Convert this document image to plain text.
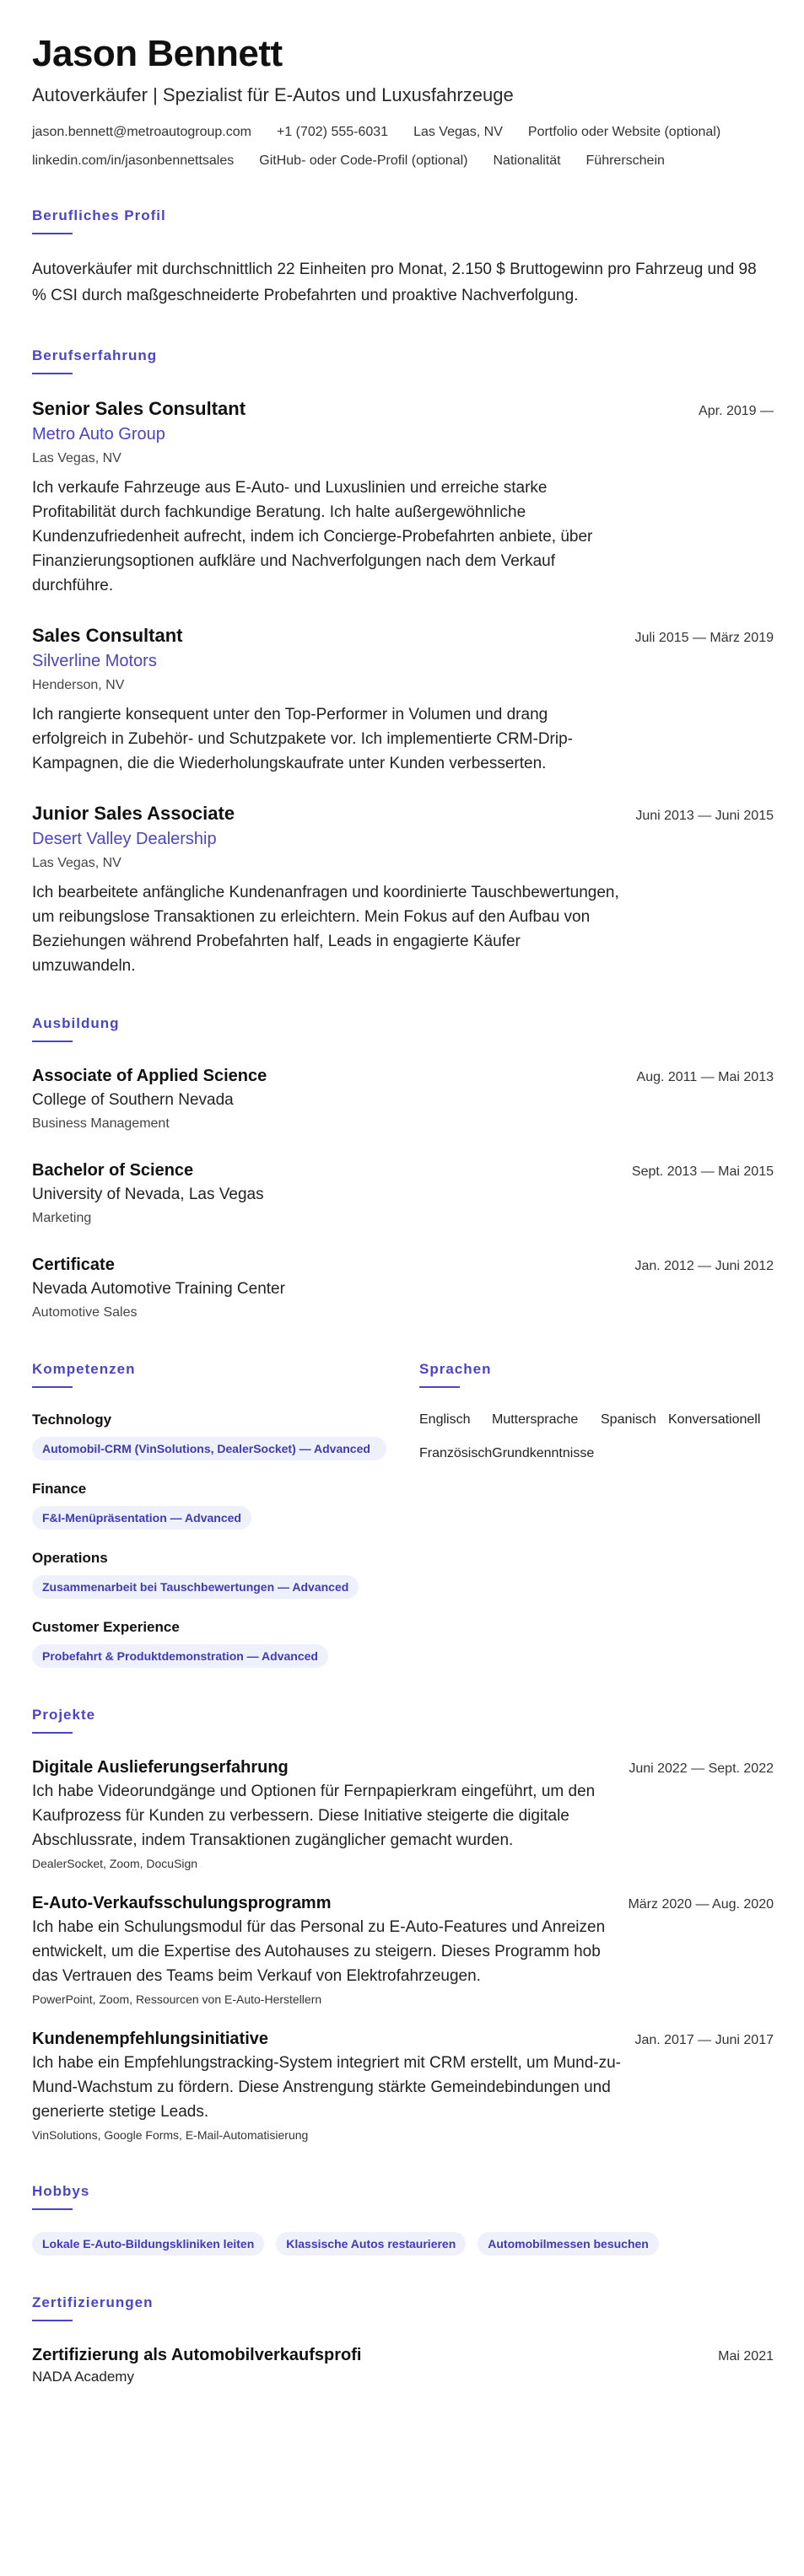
Jason Bennett
Autoverkäufer | Spezialist für E-Autos und Luxusfahrzeuge
jason.bennett@metroautogroup.com +1 (702) 555-6031 Las Vegas, NV Portfolio oder Website (optional)
linkedin.com/in/jasonbennettsales GitHub- oder Code-Profil (optional) Nationalität Führerschein
Berufliches Profil
Autoverkäufer mit durchschnittlich 22 Einheiten pro Monat, 2.150 $ Bruttogewinn pro Fahrzeug und 98 % CSI durch maßgeschneiderte Probefahrten und proaktive Nachverfolgung.
Berufserfahrung
Senior Sales Consultant	Apr. 2019 —
Metro Auto Group
Las Vegas, NV
Ich verkaufe Fahrzeuge aus E-Auto- und Luxuslinien und erreiche starke Profitabilität durch fachkundige Beratung. Ich halte außergewöhnliche Kundenzufriedenheit aufrecht, indem ich Concierge-Probefahrten anbiete, über Finanzierungsoptionen aufkläre und Nachverfolgungen nach dem Verkauf durchführe.
Sales Consultant	Juli 2015 — März 2019
Silverline Motors
Henderson, NV
Ich rangierte konsequent unter den Top-Performer in Volumen und drang erfolgreich in Zubehör- und Schutzpakete vor. Ich implementierte CRM-Drip-Kampagnen, die die Wiederholungskaufrate unter Kunden verbesserten.
Junior Sales Associate	Juni 2013 — Juni 2015
Desert Valley Dealership
Las Vegas, NV
Ich bearbeitete anfängliche Kundenanfragen und koordinierte Tauschbewertungen, um reibungslose Transaktionen zu erleichtern. Mein Fokus auf den Aufbau von Beziehungen während Probefahrten half, Leads in engagierte Käufer umzuwandeln.
Ausbildung
Associate of Applied Science	Aug. 2011 — Mai 2013
College of Southern Nevada
Business Management
Bachelor of Science	Sept. 2013 — Mai 2015
University of Nevada, Las Vegas
Marketing
Certificate	Jan. 2012 — Juni 2012
Nevada Automotive Training Center
Automotive Sales
Kompetenzen
Technology
Automobil-CRM (VinSolutions, DealerSocket) — Advanced
Finance
F&I-Menüpräsentation — Advanced
Operations
Zusammenarbeit bei Tauschbewertungen — Advanced
Customer Experience
Probefahrt & Produktdemonstration — Advanced
Sprachen
Englisch	Muttersprache Spanisch Konversationell
Französisch Grundkenntnisse
Projekte
Digitale Auslieferungserfahrung	Juni 2022 — Sept. 2022
Ich habe Videorundgänge und Optionen für Fernpapierkram eingeführt, um den Kaufprozess für Kunden zu verbessern. Diese Initiative steigerte die digitale Abschlussrate, indem Transaktionen zugänglicher gemacht wurden.
DealerSocket, Zoom, DocuSign
E-Auto-Verkaufsschulungsprogramm	März 2020 — Aug. 2020
Ich habe ein Schulungsmodul für das Personal zu E-Auto-Features und Anreizen entwickelt, um die Expertise des Autohauses zu steigern. Dieses Programm hob das Vertrauen des Teams beim Verkauf von Elektrofahrzeugen.
PowerPoint, Zoom, Ressourcen von E-Auto-Herstellern
Kundenempfehlungsinitiative	Jan. 2017 — Juni 2017
Ich habe ein Empfehlungstracking-System integriert mit CRM erstellt, um Mund-zu-Mund-Wachstum zu fördern. Diese Anstrengung stärkte Gemeindebindungen und generierte stetige Leads.
VinSolutions, Google Forms, E-Mail-Automatisierung
Hobbys
Lokale E-Auto-Bildungskliniken leiten	Klassische Autos restaurieren	Automobilmessen besuchen
Zertifizierungen
Zertifizierung als Automobilverkaufsprofi	Mai 2021
NADA Academy
